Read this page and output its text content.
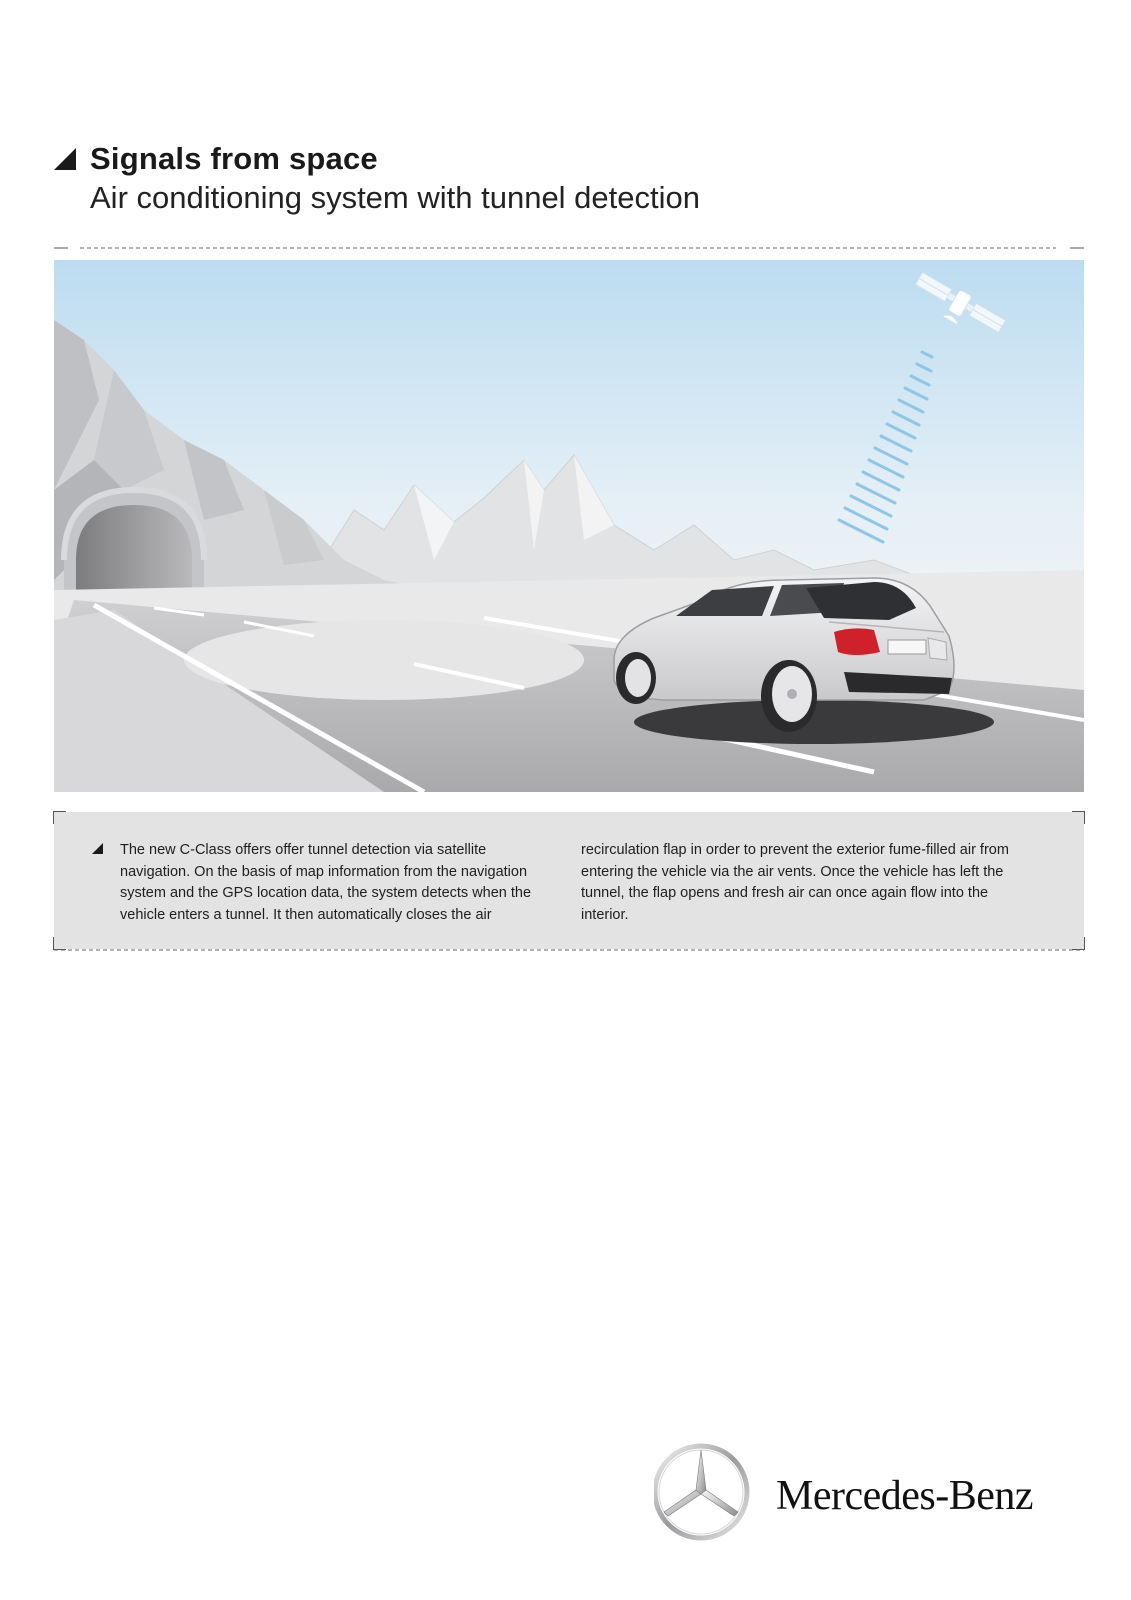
Signals from space
Air conditioning system with tunnel detection
The new C-Class offers offer tunnel detection via satellite navigation. On the basis of map information from the navigation system and the GPS location data, the system detects when the vehicle enters a tunnel. It then automatically closes the air
recirculation flap in order to prevent the exterior fume-filled air from entering the vehicle via the air vents. Once the vehicle has left the tunnel, the flap opens and fresh air can once again flow into the interior.
Mercedes-Benz
